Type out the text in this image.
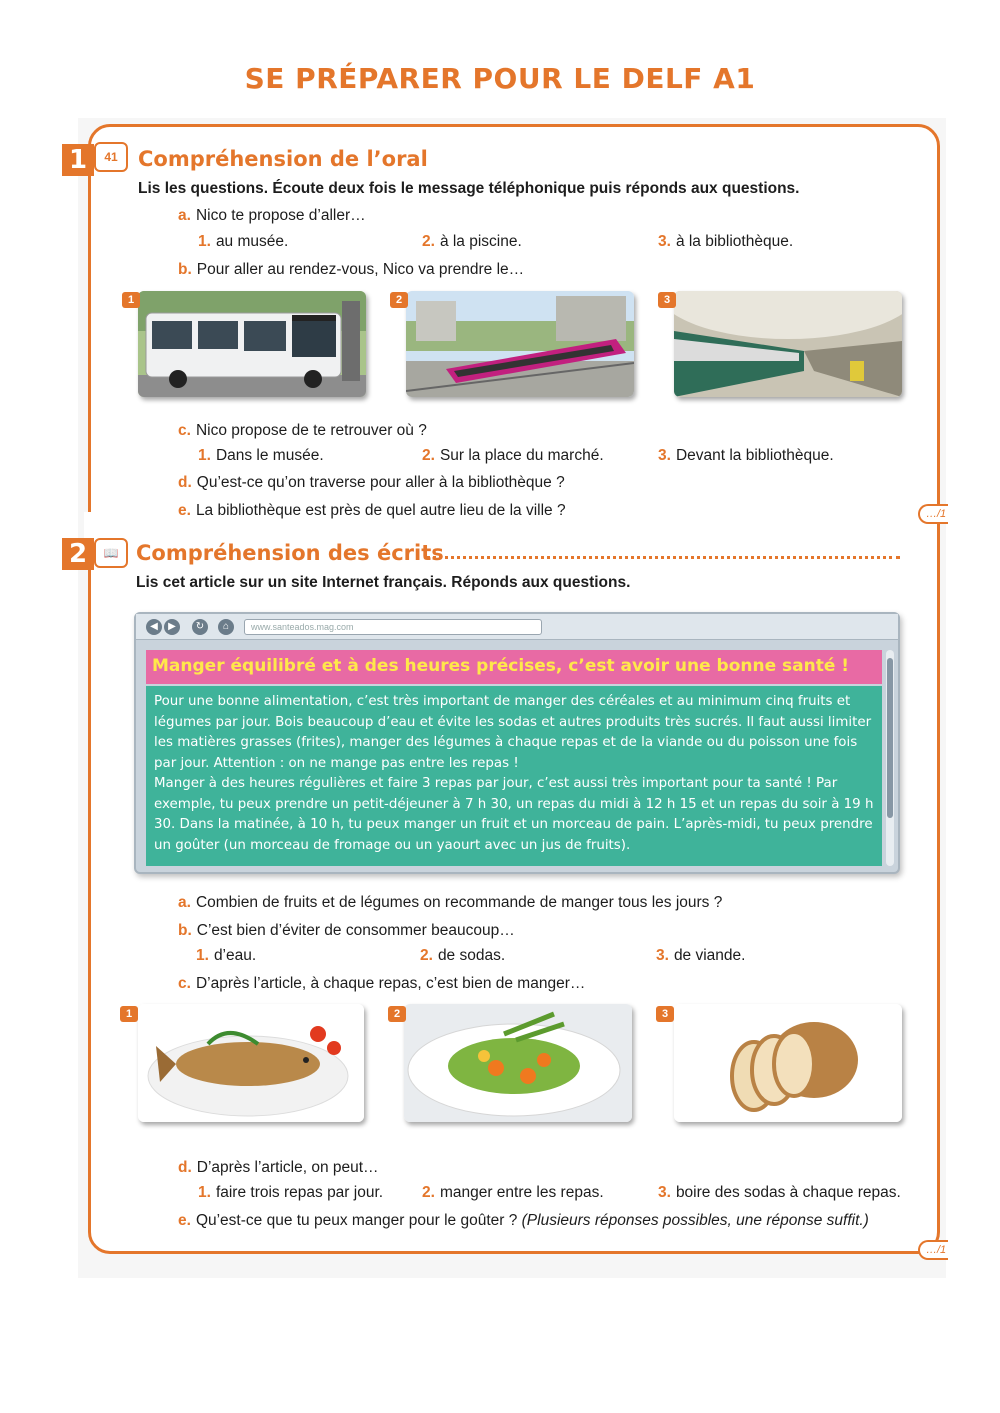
SE PRÉPARER POUR LE DELF A1
1	41 Compréhension de l’oral
Lis les questions. Écoute deux fois le message téléphonique puis réponds aux questions.
a. Nico te propose d’aller…
1. au musée.	2. à la piscine.	3. à la bibliothèque.
b. Pour aller au rendez-vous, Nico va prendre le…
1	2	3
c. Nico propose de te retrouver où ?
1. Dans le musée.	2. Sur la place du marché.	3. Devant la bibliothèque.
d. Qu’est-ce qu’on traverse pour aller à la bibliothèque ?
e. La bibliothèque est près de quel autre lieu de la ville ?	…/1
2	📖 Compréhension des écrits
Lis cet article sur un site Internet français. Réponds aux questions.
◀	▶	↻	⌂	www.santeados.mag.com
Manger équilibré et à des heures précises, c’est avoir une bonne santé !

Pour une bonne alimentation, c’est très important de manger des céréales et au minimum cinq fruits et légumes par jour. Bois beaucoup d’eau et évite les sodas et autres produits très sucrés. Il faut aussi limiter les matières grasses (frites), manger des légumes à chaque repas et de la viande ou du poisson une fois par jour. Attention : on ne mange pas entre les repas !

Manger à des heures régulières et faire 3 repas par jour, c’est aussi très important pour ta santé ! Par exemple, tu peux prendre un petit-déjeuner à 7 h 30, un repas du midi à 12 h 15 et un repas du soir à 19 h 30. Dans la matinée, à 10 h, tu peux manger un fruit et un morceau de pain. L’après-midi, tu peux prendre un goûter (un morceau de fromage ou un yaourt avec un jus de fruits).

a. Combien de fruits et de légumes on recommande de manger tous les jours ?
b. C’est bien d’éviter de consommer beaucoup…
1. d’eau.	2. de sodas.	3. de viande.
c. D’après l’article, à chaque repas, c’est bien de manger…
1	2	3
d. D’après l’article, on peut…
1. faire trois repas par jour.	2. manger entre les repas.	3. boire des sodas à chaque repas.
e. Qu’est-ce que tu peux manger pour le goûter ? (Plusieurs réponses possibles, une réponse suffit.)
…/1
